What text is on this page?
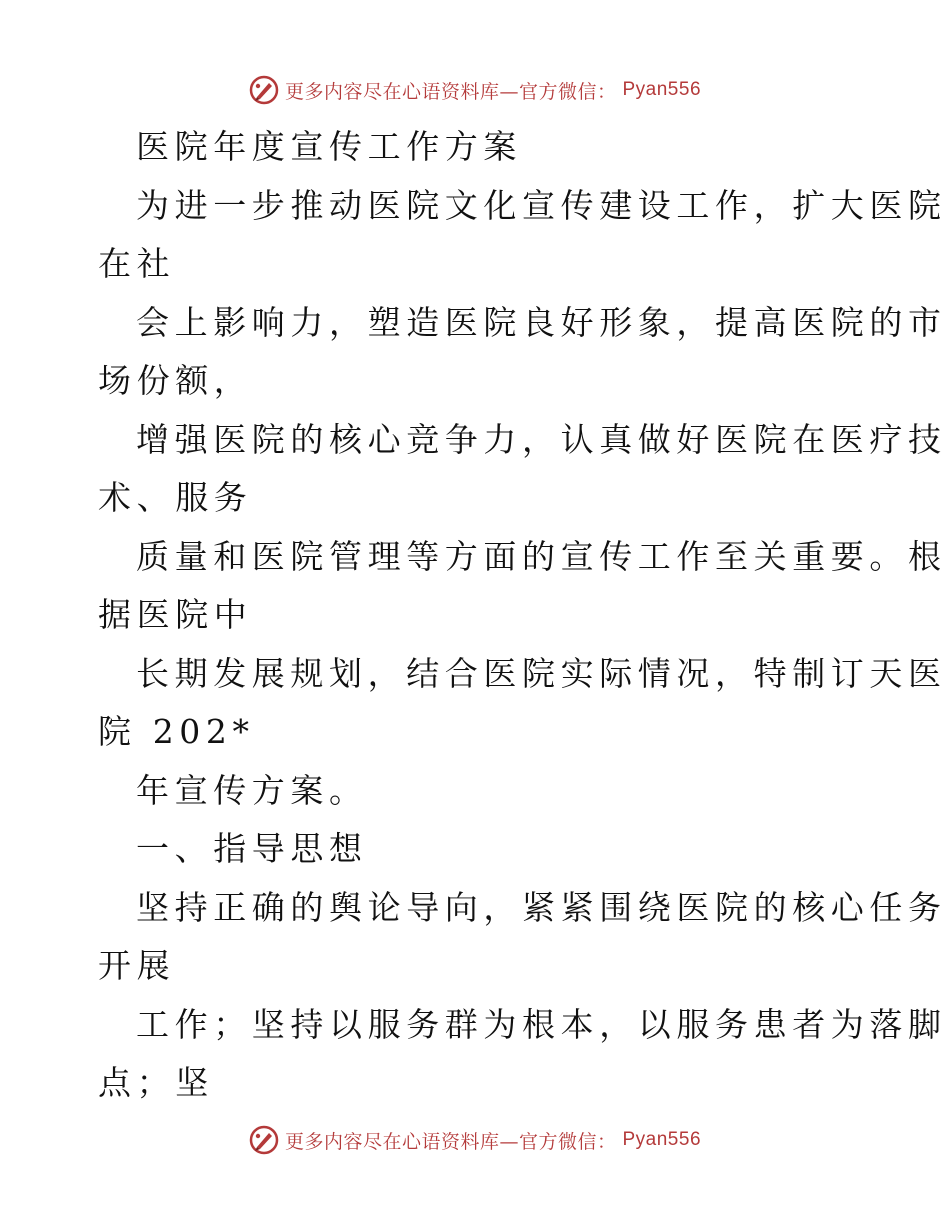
更多内容尽在心语资料库—官方微信： Pyan556
医院年度宣传工作方案
为进一步推动医院文化宣传建设工作，扩大医院
在社
会上影响力，塑造医院良好形象，提高医院的市
场份额，
增强医院的核心竞争力，认真做好医院在医疗技
术、服务
质量和医院管理等方面的宣传工作至关重要。根
据医院中
长期发展规划，结合医院实际情况，特制订天医
院 202*
年宣传方案。
一、指导思想
坚持正确的舆论导向，紧紧围绕医院的核心任务
开展
工作；坚持以服务群为根本，以服务患者为落脚
点；坚
更多内容尽在心语资料库—官方微信： Pyan556
